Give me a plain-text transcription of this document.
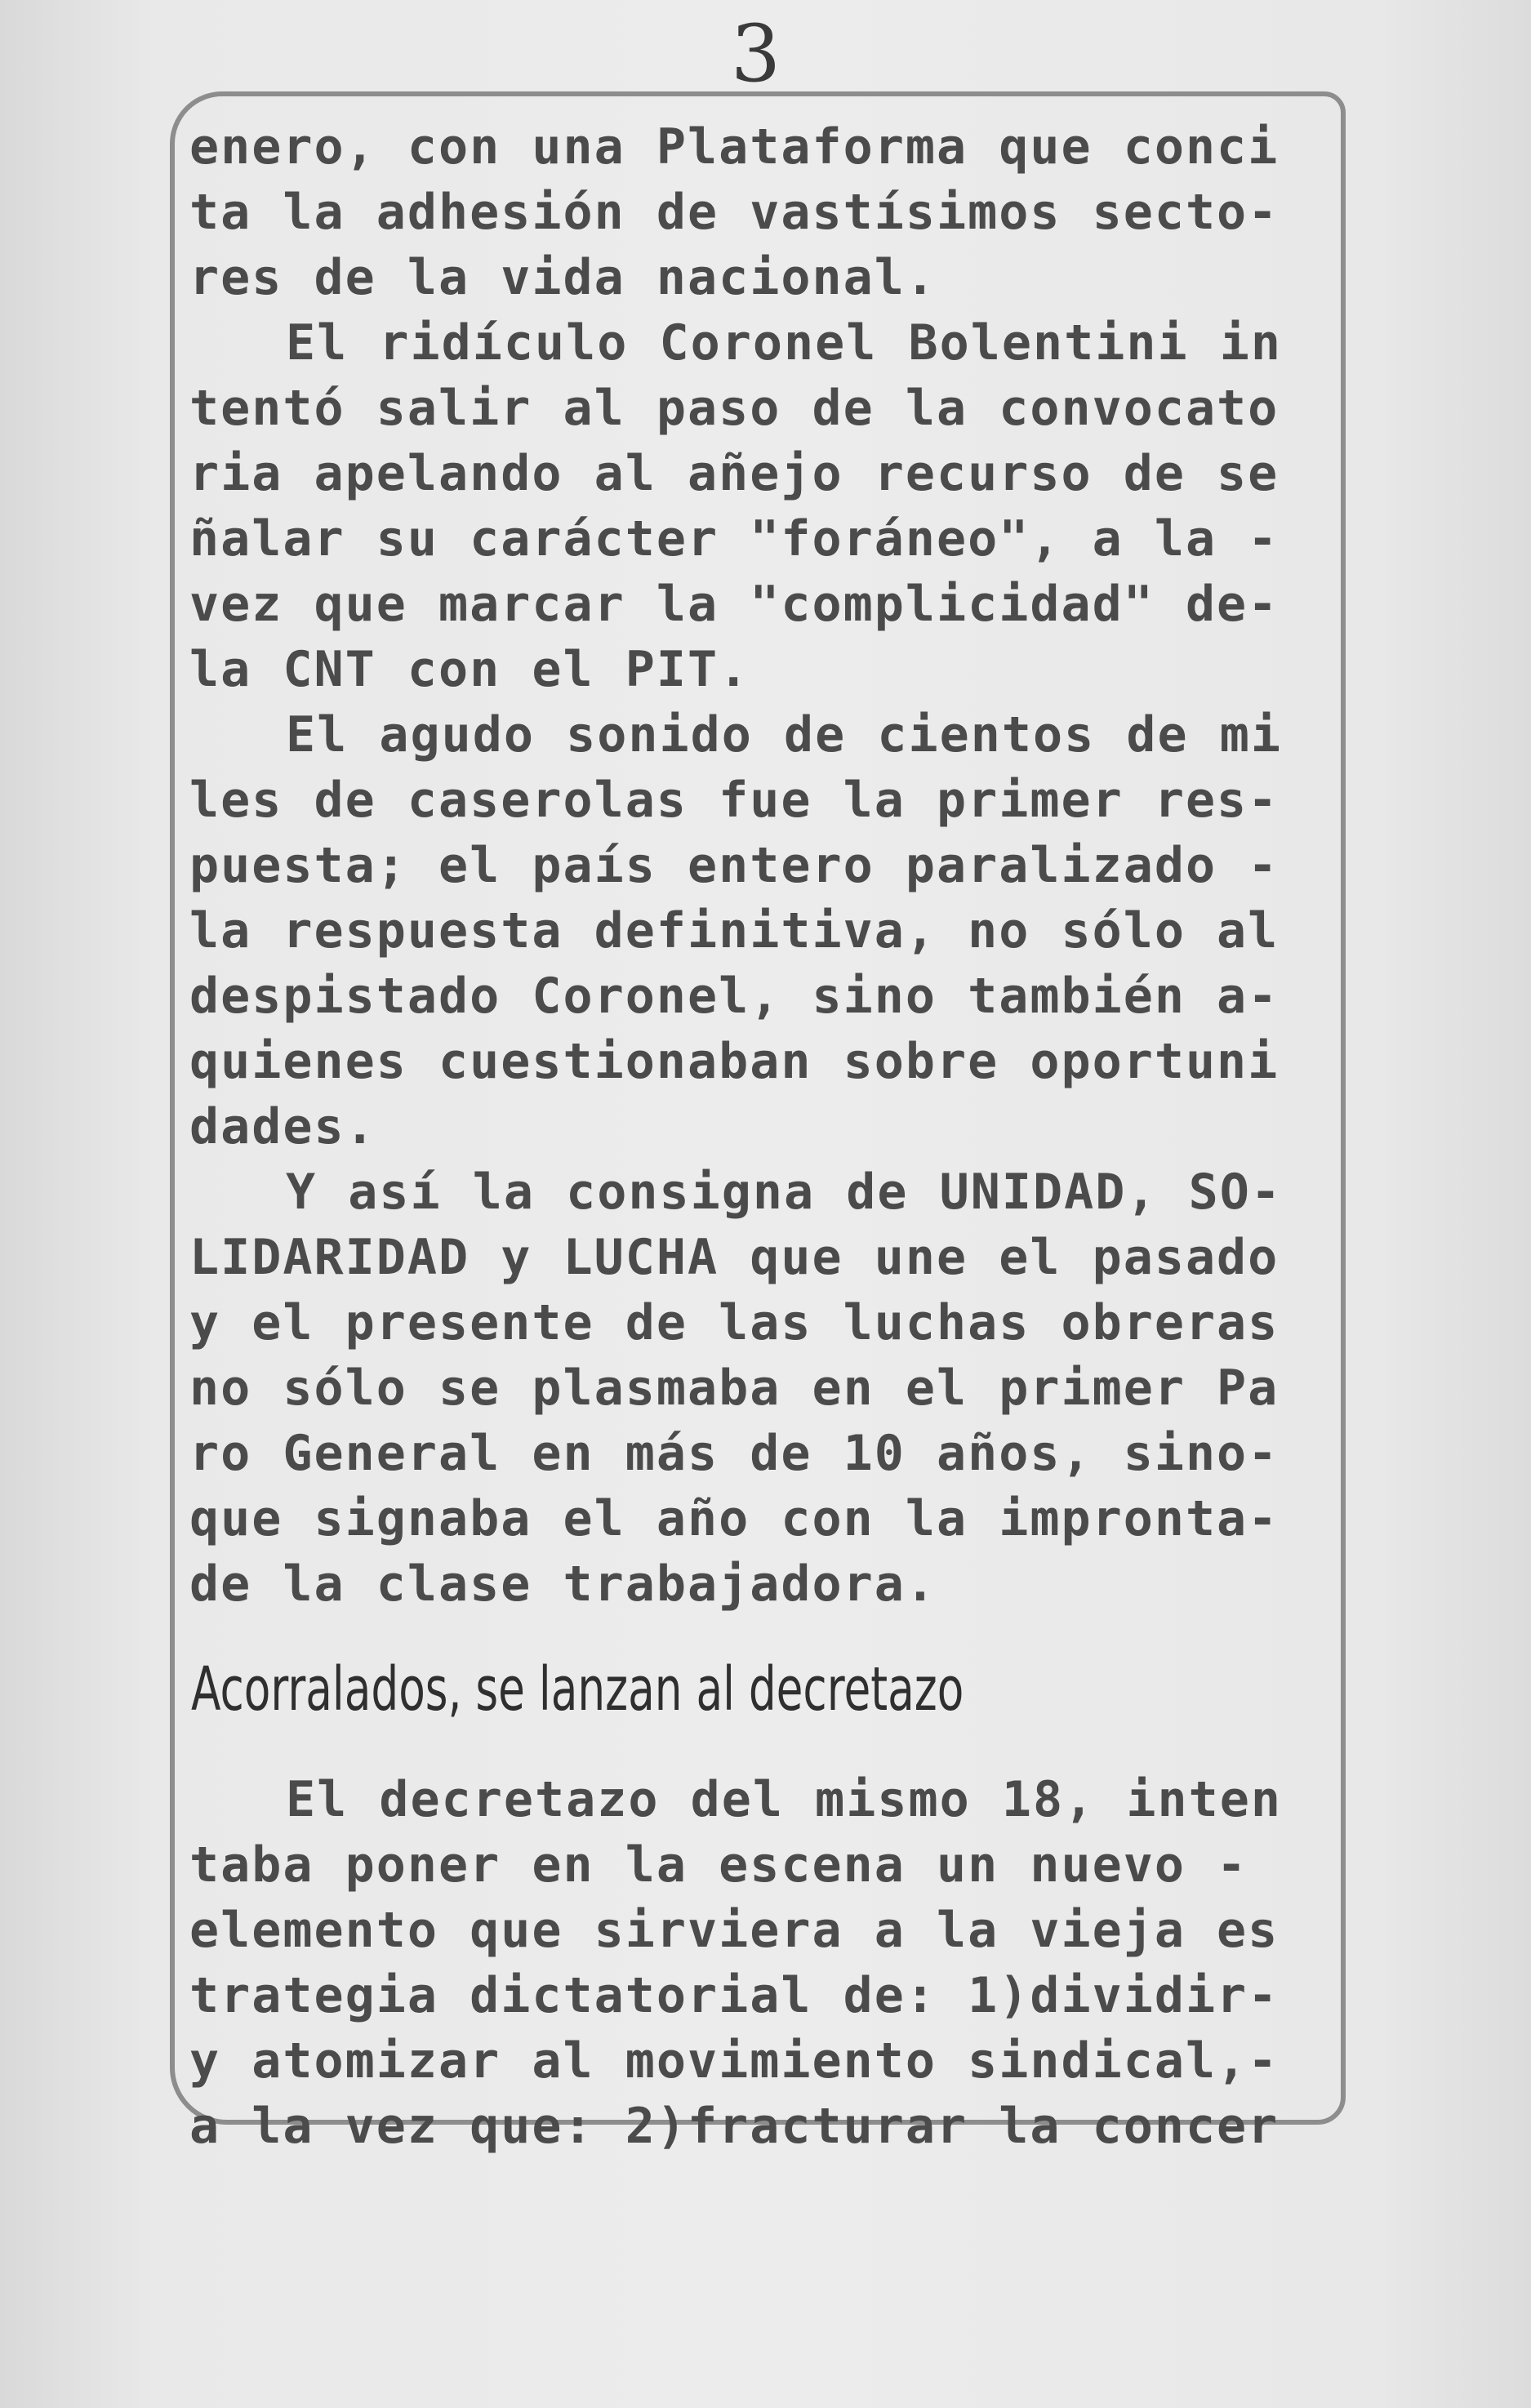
3

enero, con una Plataforma que conci

ta la adhesión de vastísimos secto-

res de la vida nacional.

El ridículo Coronel Bolentini in

tentó salir al paso de la convocato

ria apelando al añejo recurso de se

ñalar su carácter "foráneo", a la -

vez que marcar la "complicidad" de-

la CNT con el PIT.

El agudo sonido de cientos de mi

les de caserolas fue la primer res-

puesta; el país entero paralizado -

la respuesta definitiva, no sólo al

despistado Coronel, sino también a-

quienes cuestionaban sobre oportuni

dades.

Y así la consigna de UNIDAD, SO-

LIDARIDAD y LUCHA que une el pasado

y el presente de las luchas obreras

no sólo se plasmaba en el primer Pa

ro General en más de 10 años, sino-

que signaba el año con la impronta-

de la clase trabajadora.

Acorralados, se lanzan al decretazo

El decretazo del mismo 18, inten

taba poner en la escena un nuevo -

elemento que sirviera a la vieja es

trategia dictatorial de: 1)dividir-

y atomizar al movimiento sindical,-

a la vez que: 2)fracturar la concer
